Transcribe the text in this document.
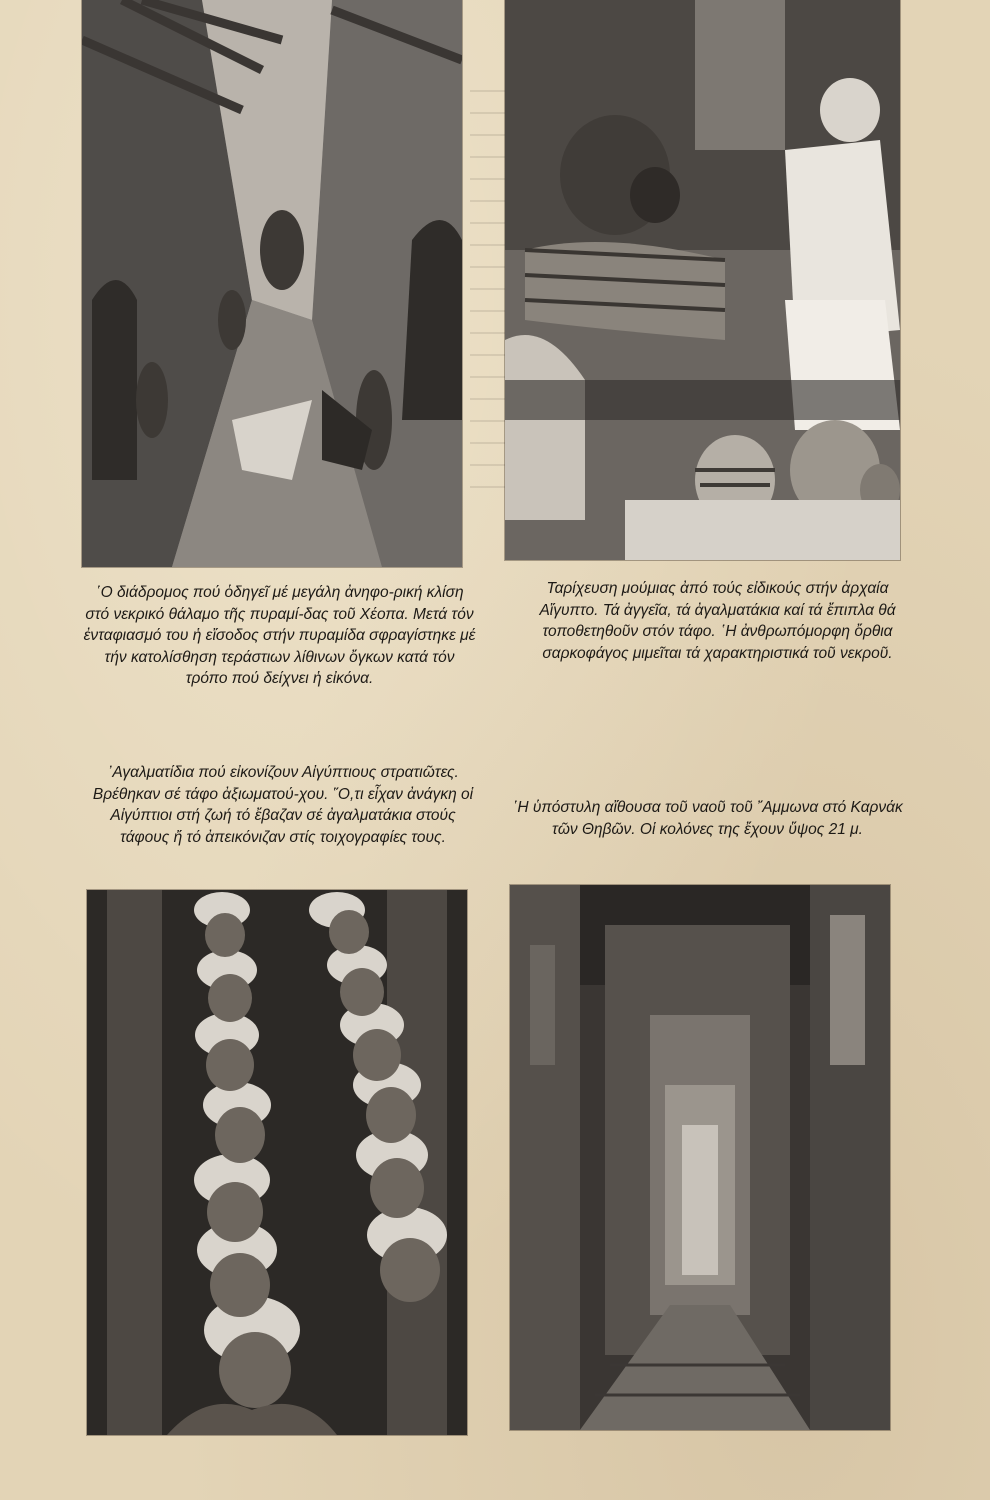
῾Ο διάδρομος πού ὁδηγεῖ μέ μεγάλη ἀνηφο-ρική κλίση στό νεκρικό θάλαμο τῆς πυραμί-δας τοῦ Χέοπα. Μετά τόν ἐνταφιασμό του ἡ εἴσοδος στήν πυραμίδα σφραγίστηκε μέ τήν κατολίσθηση τεράστιων λίθινων ὄγκων κατά τόν τρόπο πού δείχνει ἡ εἰκόνα.

Ταρίχευση μούμιας ἀπό τούς εἰδικούς στήν ἀρχαία Αἴγυπτο. Τά ἀγγεῖα, τά ἀγαλματάκια καί τά ἔπιπλα θά τοποθετηθοῦν στόν τάφο. ῾Η ἀνθρωπόμορφη ὄρθια σαρκοφάγος μιμεῖται τά χαρακτηριστικά τοῦ νεκροῦ.

᾿Αγαλματίδια πού εἰκονίζουν Αἰγύπτιους στρατιῶτες. Βρέθηκαν σέ τάφο ἀξιωματού-χου. ῞Ο,τι εἶχαν ἀνάγκη οἱ Αἰγύπτιοι στή ζωή τό ἔβαζαν σέ ἀγαλματάκια στούς τάφους ἤ τό ἀπεικόνιζαν στίς τοιχογραφίες τους.

῾Η ὑπόστυλη αἴθουσα τοῦ ναοῦ τοῦ ῎Αμμωνα στό Καρνάκ τῶν Θηβῶν. Οἱ κολόνες της ἔχουν ὕψος 21 μ.
